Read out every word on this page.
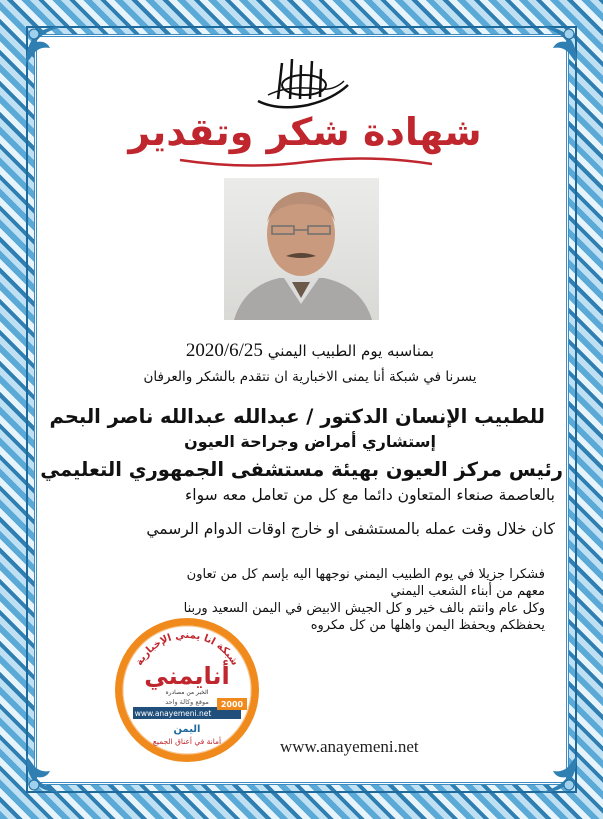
شهادة شكر وتقدير
بمناسبه يوم الطبيب اليمني 2020/6/25
يسرنا في شبكة أنا يمنى الاخبارية ان نتقدم بالشكر والعرفان
للطبيب الإنسان الدكتور / عبدالله عبدالله ناصر البحم
إستشاري أمراض وجراحة العيون
رئيس مركز العيون بهيئة مستشفى الجمهوري التعليمي
بالعاصمة صنعاء المتعاون دائما مع كل من تعامل معه سواء
كان خلال وقت عمله بالمستشفى او خارج اوقات الدوام الرسمي
فشكرا جزيلا في يوم الطبيب اليمني نوجهها اليه بإسم كل من تعاون
معهم من أبناء الشعب اليمني
وكل عام وانتم بالف خير و كل الجيش الابيض في اليمن السعيد وربنا
يحفظكم ويحفظ اليمن واهلها من كل مكروه
شبكة انا يمني الإخبارية
أنايمني
الخبر من مصادره
موقع وكالة واحد
www.anayemeni.net
2000
اليمن
أمانة في أعناق الجميع	www.anayemeni.net
